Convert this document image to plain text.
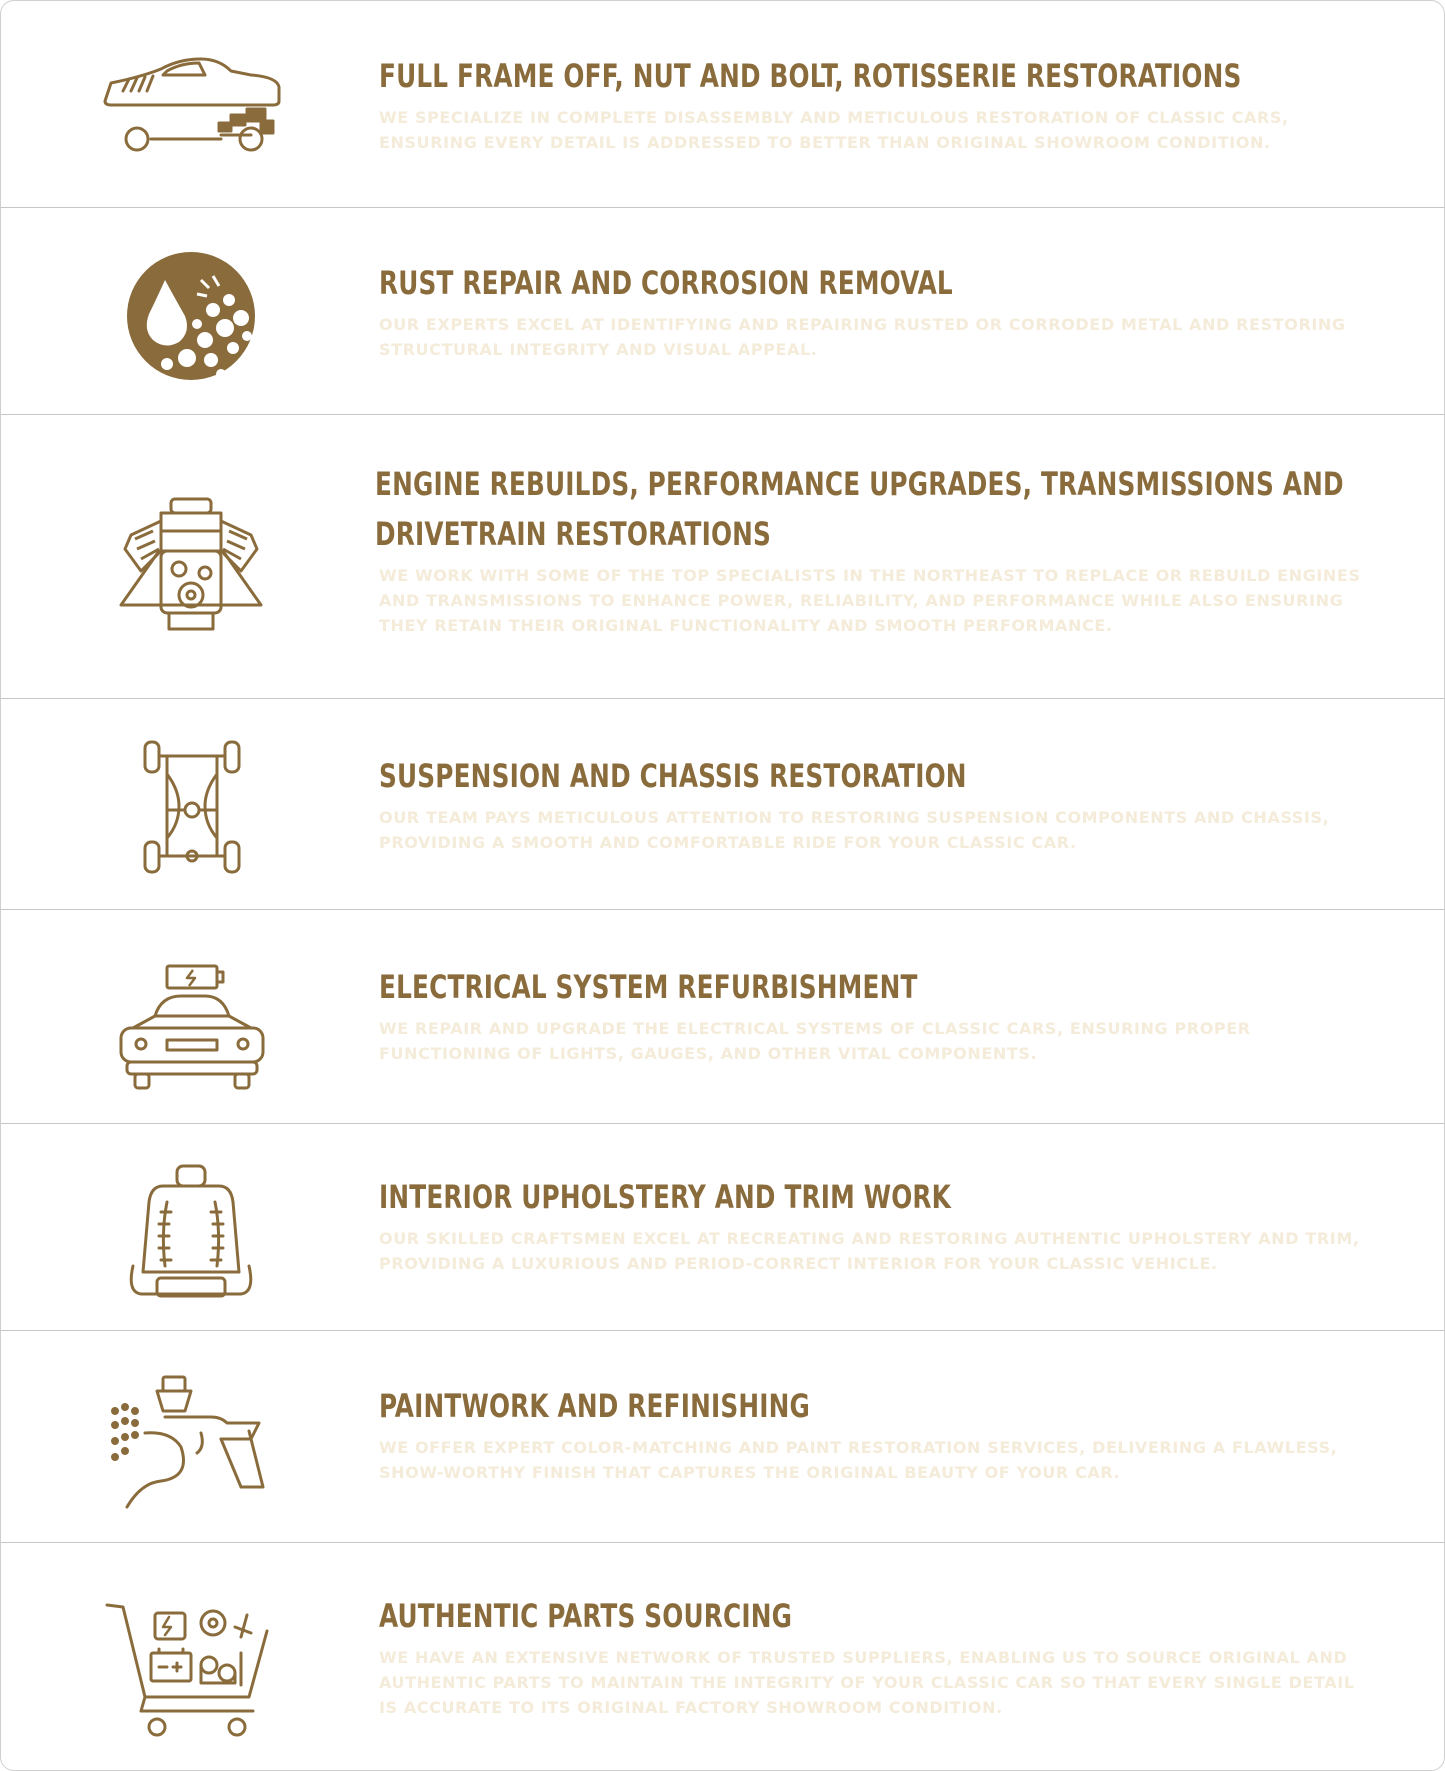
FULL FRAME OFF, NUT AND BOLT, ROTISSERIE RESTORATIONS

WE SPECIALIZE IN COMPLETE DISASSEMBLY AND METICULOUS RESTORATION OF CLASSIC CARS, ENSURING EVERY DETAIL IS ADDRESSED TO BETTER THAN ORIGINAL SHOWROOM CONDITION.

RUST REPAIR AND CORROSION REMOVAL

OUR EXPERTS EXCEL AT IDENTIFYING AND REPAIRING RUSTED OR CORRODED METAL AND RESTORING STRUCTURAL INTEGRITY AND VISUAL APPEAL.

ENGINE REBUILDS, PERFORMANCE UPGRADES, TRANSMISSIONS AND DRIVETRAIN RESTORATIONS

WE WORK WITH SOME OF THE TOP SPECIALISTS IN THE NORTHEAST TO REPLACE OR REBUILD ENGINES AND TRANSMISSIONS TO ENHANCE POWER, RELIABILITY, AND PERFORMANCE WHILE ALSO ENSURING THEY RETAIN THEIR ORIGINAL FUNCTIONALITY AND SMOOTH PERFORMANCE.

SUSPENSION AND CHASSIS RESTORATION

OUR TEAM PAYS METICULOUS ATTENTION TO RESTORING SUSPENSION COMPONENTS AND CHASSIS, PROVIDING A SMOOTH AND COMFORTABLE RIDE FOR YOUR CLASSIC CAR.

ELECTRICAL SYSTEM REFURBISHMENT

WE REPAIR AND UPGRADE THE ELECTRICAL SYSTEMS OF CLASSIC CARS, ENSURING PROPER FUNCTIONING OF LIGHTS, GAUGES, AND OTHER VITAL COMPONENTS.

INTERIOR UPHOLSTERY AND TRIM WORK

OUR SKILLED CRAFTSMEN EXCEL AT RECREATING AND RESTORING AUTHENTIC UPHOLSTERY AND TRIM, PROVIDING A LUXURIOUS AND PERIOD-CORRECT INTERIOR FOR YOUR CLASSIC VEHICLE.

PAINTWORK AND REFINISHING

WE OFFER EXPERT COLOR-MATCHING AND PAINT RESTORATION SERVICES, DELIVERING A FLAWLESS, SHOW-WORTHY FINISH THAT CAPTURES THE ORIGINAL BEAUTY OF YOUR CAR.

AUTHENTIC PARTS SOURCING

WE HAVE AN EXTENSIVE NETWORK OF TRUSTED SUPPLIERS, ENABLING US TO SOURCE ORIGINAL AND AUTHENTIC PARTS TO MAINTAIN THE INTEGRITY OF YOUR CLASSIC CAR SO THAT EVERY SINGLE DETAIL IS ACCURATE TO ITS ORIGINAL FACTORY SHOWROOM CONDITION.
